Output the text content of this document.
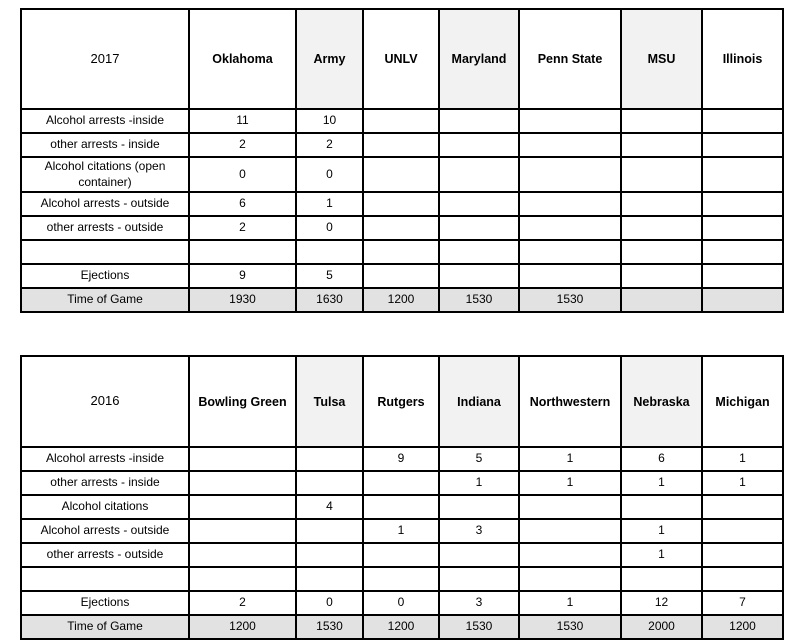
2017	Oklahoma	Army	UNLV	Maryland	Penn State	MSU	Illinois
Alcohol arrests -inside	11	10					
other arrests - inside	2	2					
Alcohol citations (open container)	0	0					
Alcohol arrests - outside	6	1					
other arrests - outside	2	0					

Ejections	9	5					
Time of Game	1930	1630	1200	1530	1530		
2016	Bowling Green	Tulsa	Rutgers	Indiana	Northwestern	Nebraska	Michigan
Alcohol arrests -inside			9	5	1	6	1
other arrests - inside				1	1	1	1
Alcohol citations		4					
Alcohol arrests - outside			1	3		1	
other arrests - outside						1	

Ejections	2	0	0	3	1	12	7
Time of Game	1200	1530	1200	1530	1530	2000	1200
